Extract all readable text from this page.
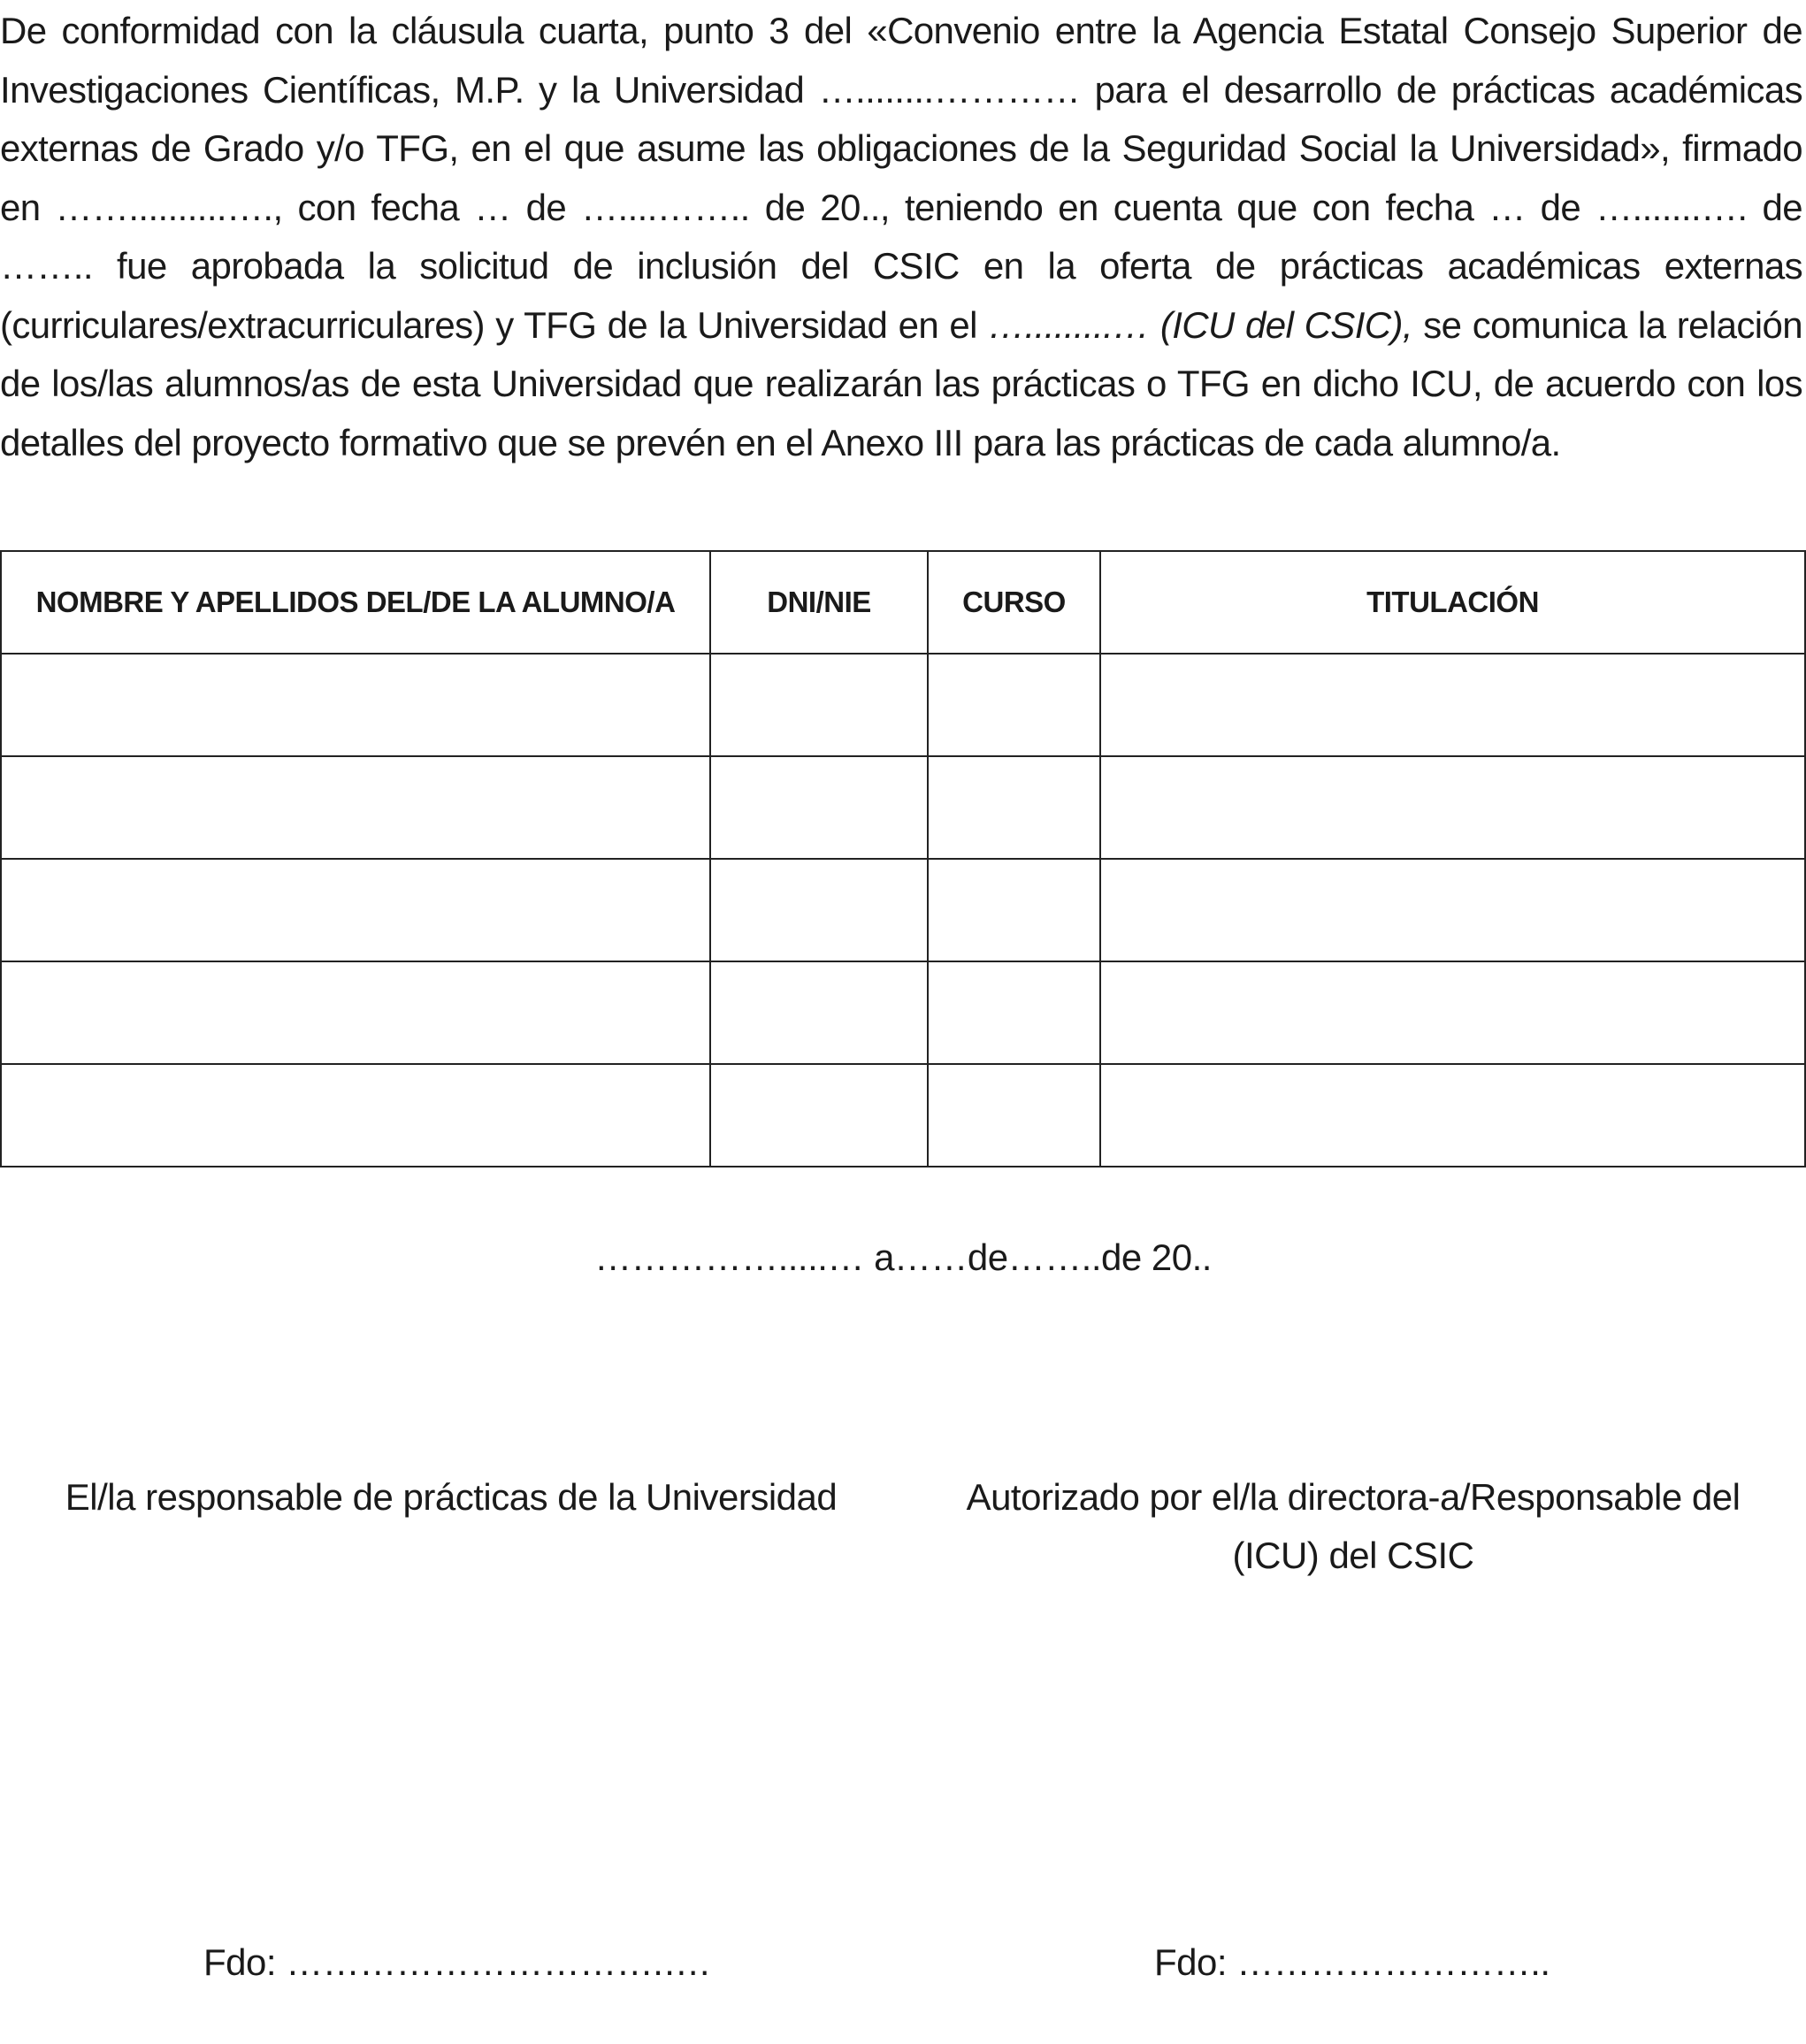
De conformidad con la cláusula cuarta, punto 3 del «Convenio entre la Agencia Estatal Consejo Superior de Investigaciones Científicas, M.P. y la Universidad …........………… para el desarrollo de prácticas académicas externas de Grado y/o TFG, en el que asume las obligaciones de la Seguridad Social la Universidad», firmado en ……..........…., con fecha … de …....…….. de 20.., teniendo en cuenta que con fecha … de ….......…. de …….. fue aprobada la solicitud de inclusión del CSIC en la oferta de prácticas académicas externas (curriculares/extracurriculares) y TFG de la Universidad en el ….........… (ICU del CSIC), se comunica la relación de los/las alumnos/as de esta Universidad que realizarán las prácticas o TFG en dicho ICU, de acuerdo con los detalles del proyecto formativo que se prevén en el Anexo III para las prácticas de cada alumno/a.

NOMBRE Y APELLIDOS DEL/DE LA ALUMNO/A	DNI/NIE	CURSO	TITULACIÓN

…………….....… a……de……..de 20..
El/la responsable de prácticas de la Universidad	Autorizado por el/la directora-a/Responsable del (ICU) del CSIC
Fdo: ………………………….….	Fdo: ……………………..
